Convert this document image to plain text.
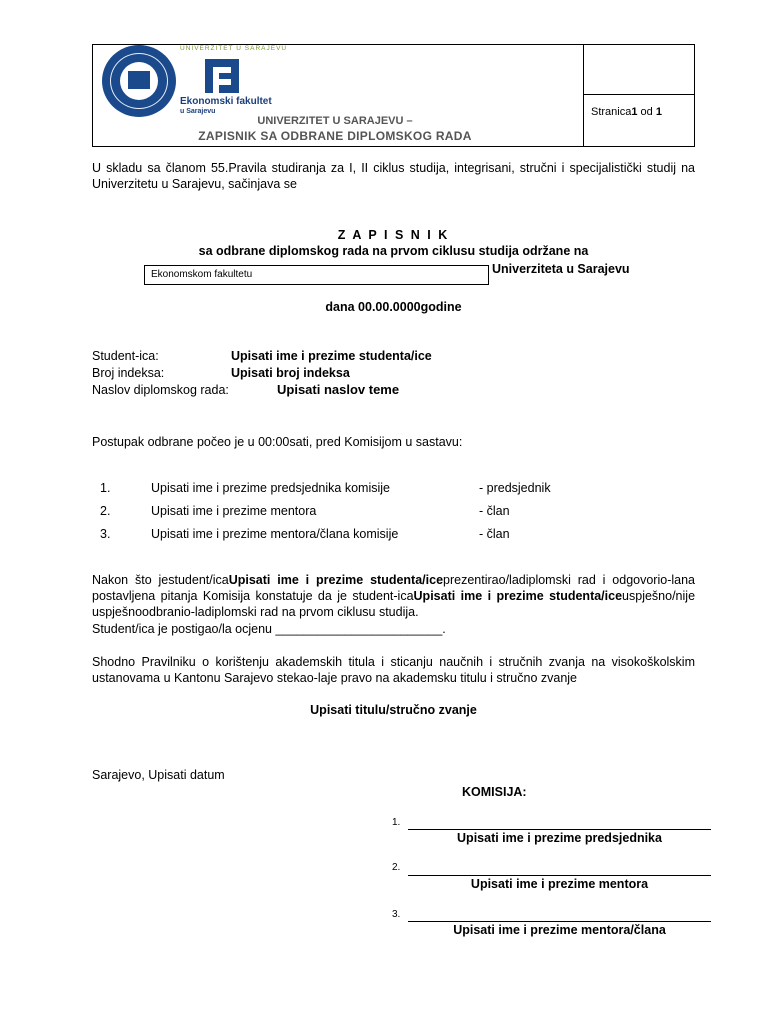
UNIVERZITET U SARAJEVU
Ekonomski fakultet
u Sarajevu
UNIVERZITET U SARAJEVU –
ZAPISNIK SA ODBRANE DIPLOMSKOG RADA
Stranica1 od 1
U skladu sa članom 55.Pravila studiranja za I, II ciklus studija, integrisani, stručni i specijalistički studij na Univerzitetu u Sarajevu, sačinjava se
Z A P I S N I K
sa odbrane diplomskog rada na prvom ciklusu studija održane na
Ekonomskom fakultetu	Univerziteta u Sarajevu
dana 00.00.0000godine
Student-ica:	Upisati ime i prezime studenta/ice
Broj indeksa:	Upisati broj indeksa
Naslov diplomskog rada:	Upisati naslov teme
Postupak odbrane počeo je u 00:00sati, pred Komisijom u sastavu:
1.	Upisati ime i prezime predsjednika komisije	- predsjednik
2.	Upisati ime i prezime mentora	- član
3.	Upisati ime i prezime mentora/člana komisije	- član
Nakon što jestudent/icaUpisati ime i prezime studenta/iceprezentirao/ladiplomski rad i odgovorio-lana postavljena pitanja Komisija konstatuje da je student-icaUpisati ime i prezime studenta/iceuspješno/nije uspješnoodbranio-ladiplomski rad na prvom ciklusu studija.
Student/ica je postigao/la ocjenu ________________________.
Shodno Pravilniku o korištenju akademskih titula i sticanju naučnih i stručnih zvanja na visokoškolskim ustanovama u Kantonu Sarajevo stekao-laje pravo na akademsku titulu i stručno zvanje
Upisati titulu/stručno zvanje
Sarajevo, Upisati datum
KOMISIJA:
1.
Upisati ime i prezime predsjednika
2.
Upisati ime i prezime mentora
3.
Upisati ime i prezime mentora/člana
